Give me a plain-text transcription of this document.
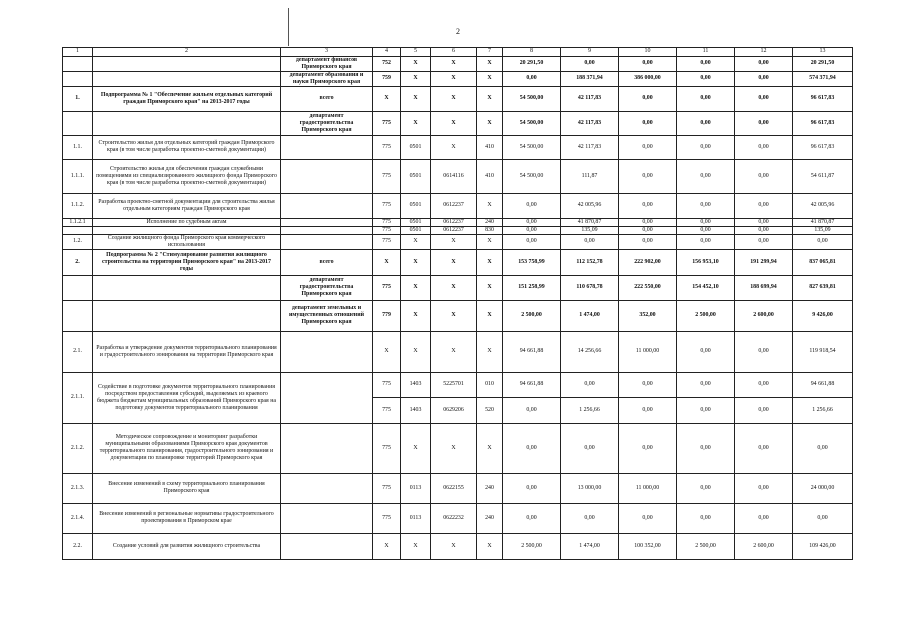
2
1	2	3	4	5	6	7	8	9	10	11	12	13
		департамент финансов Приморского края	752	X	X	X	20 291,50	0,00	0,00	0,00	0,00	20 291,50
		департамент образования и науки Приморского края	759	X	X	X	0,00	188 371,94	386 000,00	0,00	0,00	574 371,94
1.	Подпрограмма № 1 "Обеспечение жильем отдельных категорий граждан Приморского края" на 2013-2017 годы	всего	X	X	X	X	54 500,00	42 117,83	0,00	0,00	0,00	96 617,83
		департамент градостроительства Приморского края	775	X	X	X	54 500,00	42 117,83	0,00	0,00	0,00	96 617,83
1.1.	Строительство жилья для отдельных категорий граждан Приморского края (в том числе разработка проектно-сметной документации)		775	0501	X	410	54 500,00	42 117,83	0,00	0,00	0,00	96 617,83
1.1.1.	Строительство жилья для обеспечения граждан служебными помещениями из специализированного жилищного фонда Приморского края (в том числе разработка проектно-сметной документации)		775	0501	0614116	410	54 500,00	111,87	0,00	0,00	0,00	54 611,87
1.1.2.	Разработка проектно-сметной документации для строительства жилья отдельным категориям граждан Приморского края		775	0501	0612237	X	0,00	42 005,96	0,00	0,00	0,00	42 005,96
1.1.2.1	Исполнение по судебным актам		775	0501	0612237	240	0,00	41 870,87	0,00	0,00	0,00	41 870,87
			775	0501	0612237	830	0,00	135,09	0,00	0,00	0,00	135,09
1.2.	Создание жилищного фонда Приморского края коммерческого использования		775	X	X	X	0,00	0,00	0,00	0,00	0,00	0,00
2.	Подпрограмма № 2 "Стимулирование развития жилищного строительства на территории Приморского края" на 2013-2017 годы	всего	X	X	X	X	153 758,99	112 152,78	222 902,00	156 953,10	191 299,94	837 065,81
		департамент градостроительства Приморского края	775	X	X	X	151 258,99	110 678,78	222 550,00	154 452,10	188 699,94	827 639,81
		департамент земельных и имущественных отношений Приморского края	779	X	X	X	2 500,00	1 474,00	352,00	2 500,00	2 600,00	9 426,00
2.1.	Разработка и утверждение документов территориального планирования и градостроительного зонирования на территории Приморского края		X	X	X	X	94 661,88	14 256,66	11 000,00	0,00	0,00	119 918,54
2.1.1.	Содействие в подготовке документов территориального планирования посредством предоставления субсидий, выделяемых из краевого бюджета бюджетам муниципальных образований Приморского края на подготовку документов территориального планирования		775	1403	5225701	010	94 661,88	0,00	0,00	0,00	0,00	94 661,88
			775	1403	0629206	520	0,00	1 256,66	0,00	0,00	0,00	1 256,66
2.1.2.	Методическое сопровождение и мониторинг разработки муниципальными образованиями Приморского края документов территориального планирования, градостроительного зонирования и документации по планировке территорий Приморского края		775	X	X	X	0,00	0,00	0,00	0,00	0,00	0,00
2.1.3.	Внесение изменений в схему территориального планирования Приморского края		775	0113	0622155	240	0,00	13 000,00	11 000,00	0,00	0,00	24 000,00
2.1.4.	Внесение изменений в региональные нормативы градостроительного проектирования в Приморском крае		775	0113	0622232	240	0,00	0,00	0,00	0,00	0,00	0,00
2.2.	Создание условий для развития жилищного строительства		X	X	X	X	2 500,00	1 474,00	100 352,00	2 500,00	2 600,00	109 426,00
